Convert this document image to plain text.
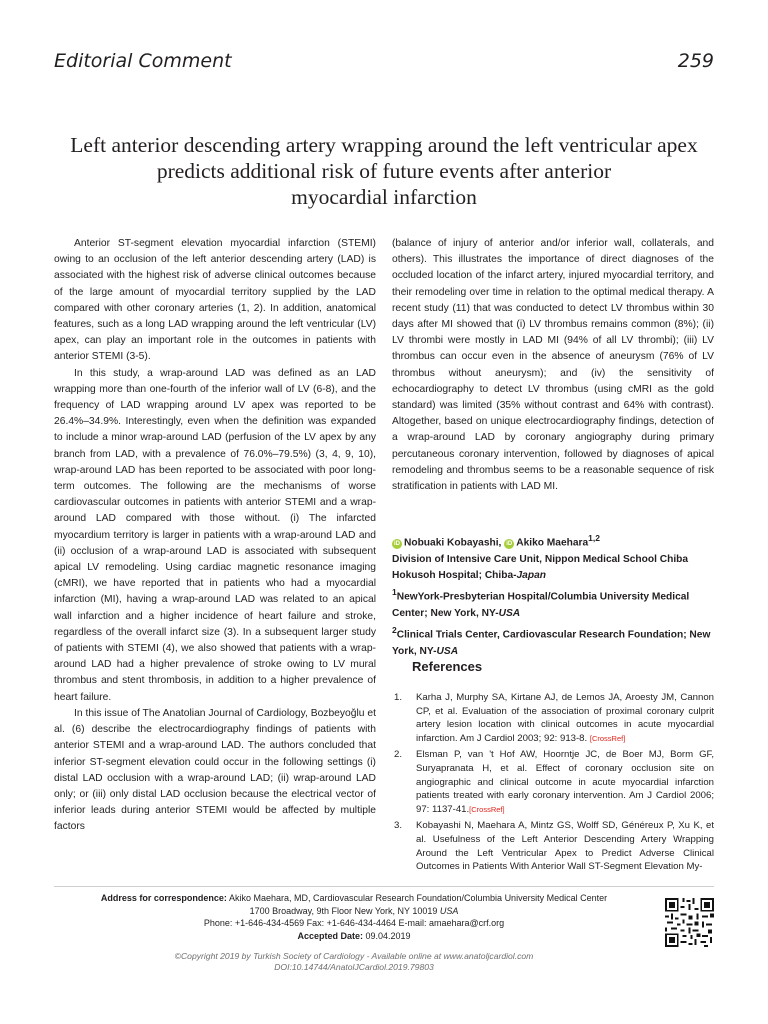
Editorial Comment	259
Left anterior descending artery wrapping around the left ventricular apex
predicts additional risk of future events after anterior
myocardial infarction

Anterior ST-segment elevation myocardial infarction (STEMI) owing to an occlusion of the left anterior descending artery (LAD) is associated with the highest risk of adverse clinical outcomes because of the large amount of myocardial territory supplied by the LAD compared with other coronary arteries (1, 2). In addition, anatomical features, such as a long LAD wrapping around the left ventricular (LV) apex, can play an important role in the outcomes in patients with anterior STEMI (3-5).

In this study, a wrap-around LAD was defined as an LAD wrapping more than one-fourth of the inferior wall of LV (6-8), and the frequency of LAD wrapping around LV apex was reported to be 26.4%–34.9%. Interestingly, even when the definition was expanded to include a minor wrap-around LAD (perfusion of the LV apex by any branch from LAD, with a prevalence of 76.0%–79.5%) (3, 4, 9, 10), wrap-around LAD has been reported to be associated with poor long-term outcomes. The following are the mechanisms of worse cardiovascular outcomes in patients with anterior STEMI and a wrap-around LAD compared with those without. (i) The infarcted myocardium territory is larger in patients with a wrap-around LAD and (ii) occlusion of a wrap-around LAD is associated with subsequent apical LV remodeling. Using cardiac magnetic resonance imaging (cMRI), we have reported that in patients who had a myocardial infarction (MI), having a wrap-around LAD was related to an apical wall infarction and a higher incidence of heart failure and stroke, regardless of the overall infarct size (3). In a subsequent larger study of patients with STEMI (4), we also showed that patients with a wrap-around LAD had a higher prevalence of stroke owing to LV mural thrombus and stent thrombosis, in addition to a higher prevalence of heart failure.

In this issue of The Anatolian Journal of Cardiology, Bozbeyoğlu et al. (6) describe the electrocardiography findings of patients with anterior STEMI and a wrap-around LAD. The authors concluded that inferior ST-segment elevation could occur in the following settings (i) distal LAD occlusion with a wrap-around LAD; (ii) wrap-around LAD only; or (iii) only distal LAD occlusion because the electrical vector of inferior leads during anterior STEMI would be affected by multiple factors

(balance of injury of anterior and/or inferior wall, collaterals, and others). This illustrates the importance of direct diagnoses of the occluded location of the infarct artery, injured myocardial territory, and their remodeling over time in relation to the optimal medical therapy. A recent study (11) that was conducted to detect LV thrombus within 30 days after MI showed that (i) LV thrombus remains common (8%); (ii) LV thrombi were mostly in LAD MI (94% of all LV thrombi); (iii) LV thrombus can occur even in the absence of aneurysm (76% of LV thrombus without aneurysm); and (iv) the sensitivity of echocardiography to detect LV thrombus (using cMRI as the gold standard) was limited (35% without contrast and 64% with contrast). Altogether, based on unique electrocardiography findings, detection of a wrap-around LAD by coronary angiography during primary percutaneous coronary intervention, followed by diagnoses of apical remodeling and thrombus seems to be a reasonable sequence of risk stratification in patients with LAD MI.

iD Nobuaki Kobayashi, iD Akiko Maehara$^{1,2}$
Division of Intensive Care Unit, Nippon Medical School Chiba Hokusoh Hospital; Chiba-Japan
$^1$NewYork-Presbyterian Hospital/Columbia University Medical Center; New York, NY-USA
$^2$Clinical Trials Center, Cardiovascular Research Foundation; New York, NY-USA
References
1. Karha J, Murphy SA, Kirtane AJ, de Lemos JA, Aroesty JM, Cannon CP, et al. Evaluation of the association of proximal coronary culprit artery lesion location with clinical outcomes in acute myocardial infarction. Am J Cardiol 2003; 92: 913-8. [CrossRef]
2. Elsman P, van 't Hof AW, Hoorntje JC, de Boer MJ, Borm GF, Suryapranata H, et al. Effect of coronary occlusion site on angiographic and clinical outcome in acute myocardial infarction patients treated with early coronary intervention. Am J Cardiol 2006; 97: 1137-41.[CrossRef]
3. Kobayashi N, Maehara A, Mintz GS, Wolff SD, Généreux P, Xu K, et al. Usefulness of the Left Anterior Descending Artery Wrapping Around the Left Ventricular Apex to Predict Adverse Clinical Outcomes in Patients With Anterior Wall ST-Segment Elevation My-
Address for correspondence: Akiko Maehara, MD, Cardiovascular Research Foundation/Columbia University Medical Center
1700 Broadway, 9th Floor New York, NY 10019 USA
Phone: +1-646-434-4569 Fax: +1-646-434-4464 E-mail: amaehara@crf.org
Accepted Date: 09.04.2019
©Copyright 2019 by Turkish Society of Cardiology - Available online at www.anatoljcardiol.com
DOI:10.14744/AnatolJCardiol.2019.79803
